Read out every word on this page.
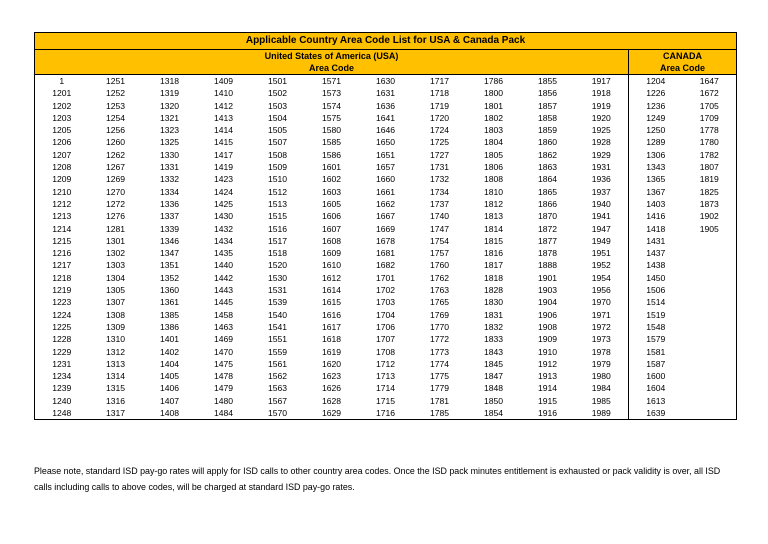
Applicable Country Area Code List for USA & Canada Pack												
United States of America (USA)											CANADA	
Area Code											Area Code	
1	1251	1318	1409	1501	1571	1630	1717	1786	1855	1917	1204	1647
1201	1252	1319	1410	1502	1573	1631	1718	1800	1856	1918	1226	1672
1202	1253	1320	1412	1503	1574	1636	1719	1801	1857	1919	1236	1705
1203	1254	1321	1413	1504	1575	1641	1720	1802	1858	1920	1249	1709
1205	1256	1323	1414	1505	1580	1646	1724	1803	1859	1925	1250	1778
1206	1260	1325	1415	1507	1585	1650	1725	1804	1860	1928	1289	1780
1207	1262	1330	1417	1508	1586	1651	1727	1805	1862	1929	1306	1782
1208	1267	1331	1419	1509	1601	1657	1731	1806	1863	1931	1343	1807
1209	1269	1332	1423	1510	1602	1660	1732	1808	1864	1936	1365	1819
1210	1270	1334	1424	1512	1603	1661	1734	1810	1865	1937	1367	1825
1212	1272	1336	1425	1513	1605	1662	1737	1812	1866	1940	1403	1873
1213	1276	1337	1430	1515	1606	1667	1740	1813	1870	1941	1416	1902
1214	1281	1339	1432	1516	1607	1669	1747	1814	1872	1947	1418	1905
1215	1301	1346	1434	1517	1608	1678	1754	1815	1877	1949	1431	
1216	1302	1347	1435	1518	1609	1681	1757	1816	1878	1951	1437	
1217	1303	1351	1440	1520	1610	1682	1760	1817	1888	1952	1438	
1218	1304	1352	1442	1530	1612	1701	1762	1818	1901	1954	1450	
1219	1305	1360	1443	1531	1614	1702	1763	1828	1903	1956	1506	
1223	1307	1361	1445	1539	1615	1703	1765	1830	1904	1970	1514	
1224	1308	1385	1458	1540	1616	1704	1769	1831	1906	1971	1519	
1225	1309	1386	1463	1541	1617	1706	1770	1832	1908	1972	1548	
1228	1310	1401	1469	1551	1618	1707	1772	1833	1909	1973	1579	
1229	1312	1402	1470	1559	1619	1708	1773	1843	1910	1978	1581	
1231	1313	1404	1475	1561	1620	1712	1774	1845	1912	1979	1587	
1234	1314	1405	1478	1562	1623	1713	1775	1847	1913	1980	1600	
1239	1315	1406	1479	1563	1626	1714	1779	1848	1914	1984	1604	
1240	1316	1407	1480	1567	1628	1715	1781	1850	1915	1985	1613	
1248	1317	1408	1484	1570	1629	1716	1785	1854	1916	1989	1639	
Please note, standard ISD pay-go rates will apply for ISD calls to other country area codes. Once the ISD pack minutes entitlement is exhausted or pack validity is over, all ISD calls including calls to above codes, will be charged at standard ISD pay-go rates.
